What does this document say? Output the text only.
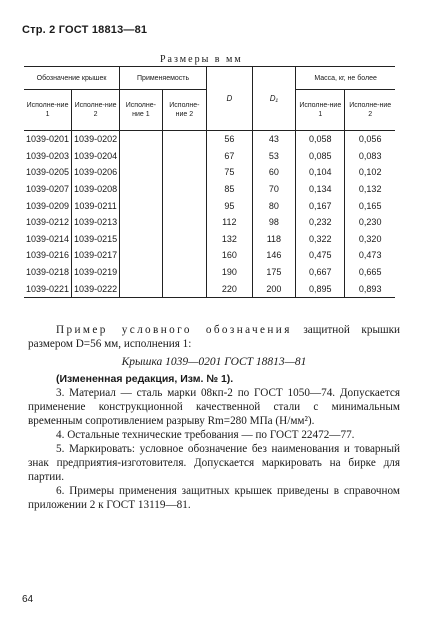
Стр. 2 ГОСТ 18813—81
Размеры в мм
Обозначение крышек		Применяемость		D	D₁	Масса, кг, не более	
Исполне-ние 1	Исполне-ние 2	Исполне-ние 1	Исполне-ние 2			Исполне-ние 1	Исполне-ние 2
1039-0201	1039-0202			56	43	0,058	0,056
1039-0203	1039-0204			67	53	0,085	0,083
1039-0205	1039-0206			75	60	0,104	0,102
1039-0207	1039-0208			85	70	0,134	0,132
1039-0209	1039-0211			95	80	0,167	0,165
1039-0212	1039-0213			112	98	0,232	0,230
1039-0214	1039-0215			132	118	0,322	0,320
1039-0216	1039-0217			160	146	0,475	0,473
1039-0218	1039-0219			190	175	0,667	0,665
1039-0221	1039-0222			220	200	0,895	0,893

Пример условного обозначения защитной крышки размером D=56 мм, исполнения 1:

Крышка 1039—0201 ГОСТ 18813—81

(Измененная редакция, Изм. № 1).

3. Материал — сталь марки 08кп-2 по ГОСТ 1050—74. Допускается применение конструкционной качественной стали с минимальным временным сопротивлением разрыву Rm=280 МПа (Н/мм²).

4. Остальные технические требования — по ГОСТ 22472—77.

5. Маркировать: условное обозначение без наименования и товарный знак предприятия-изготовителя. Допускается маркировать на бирке для партии.

6. Примеры применения защитных крышек приведены в справочном приложении 2 к ГОСТ 13119—81.

64
